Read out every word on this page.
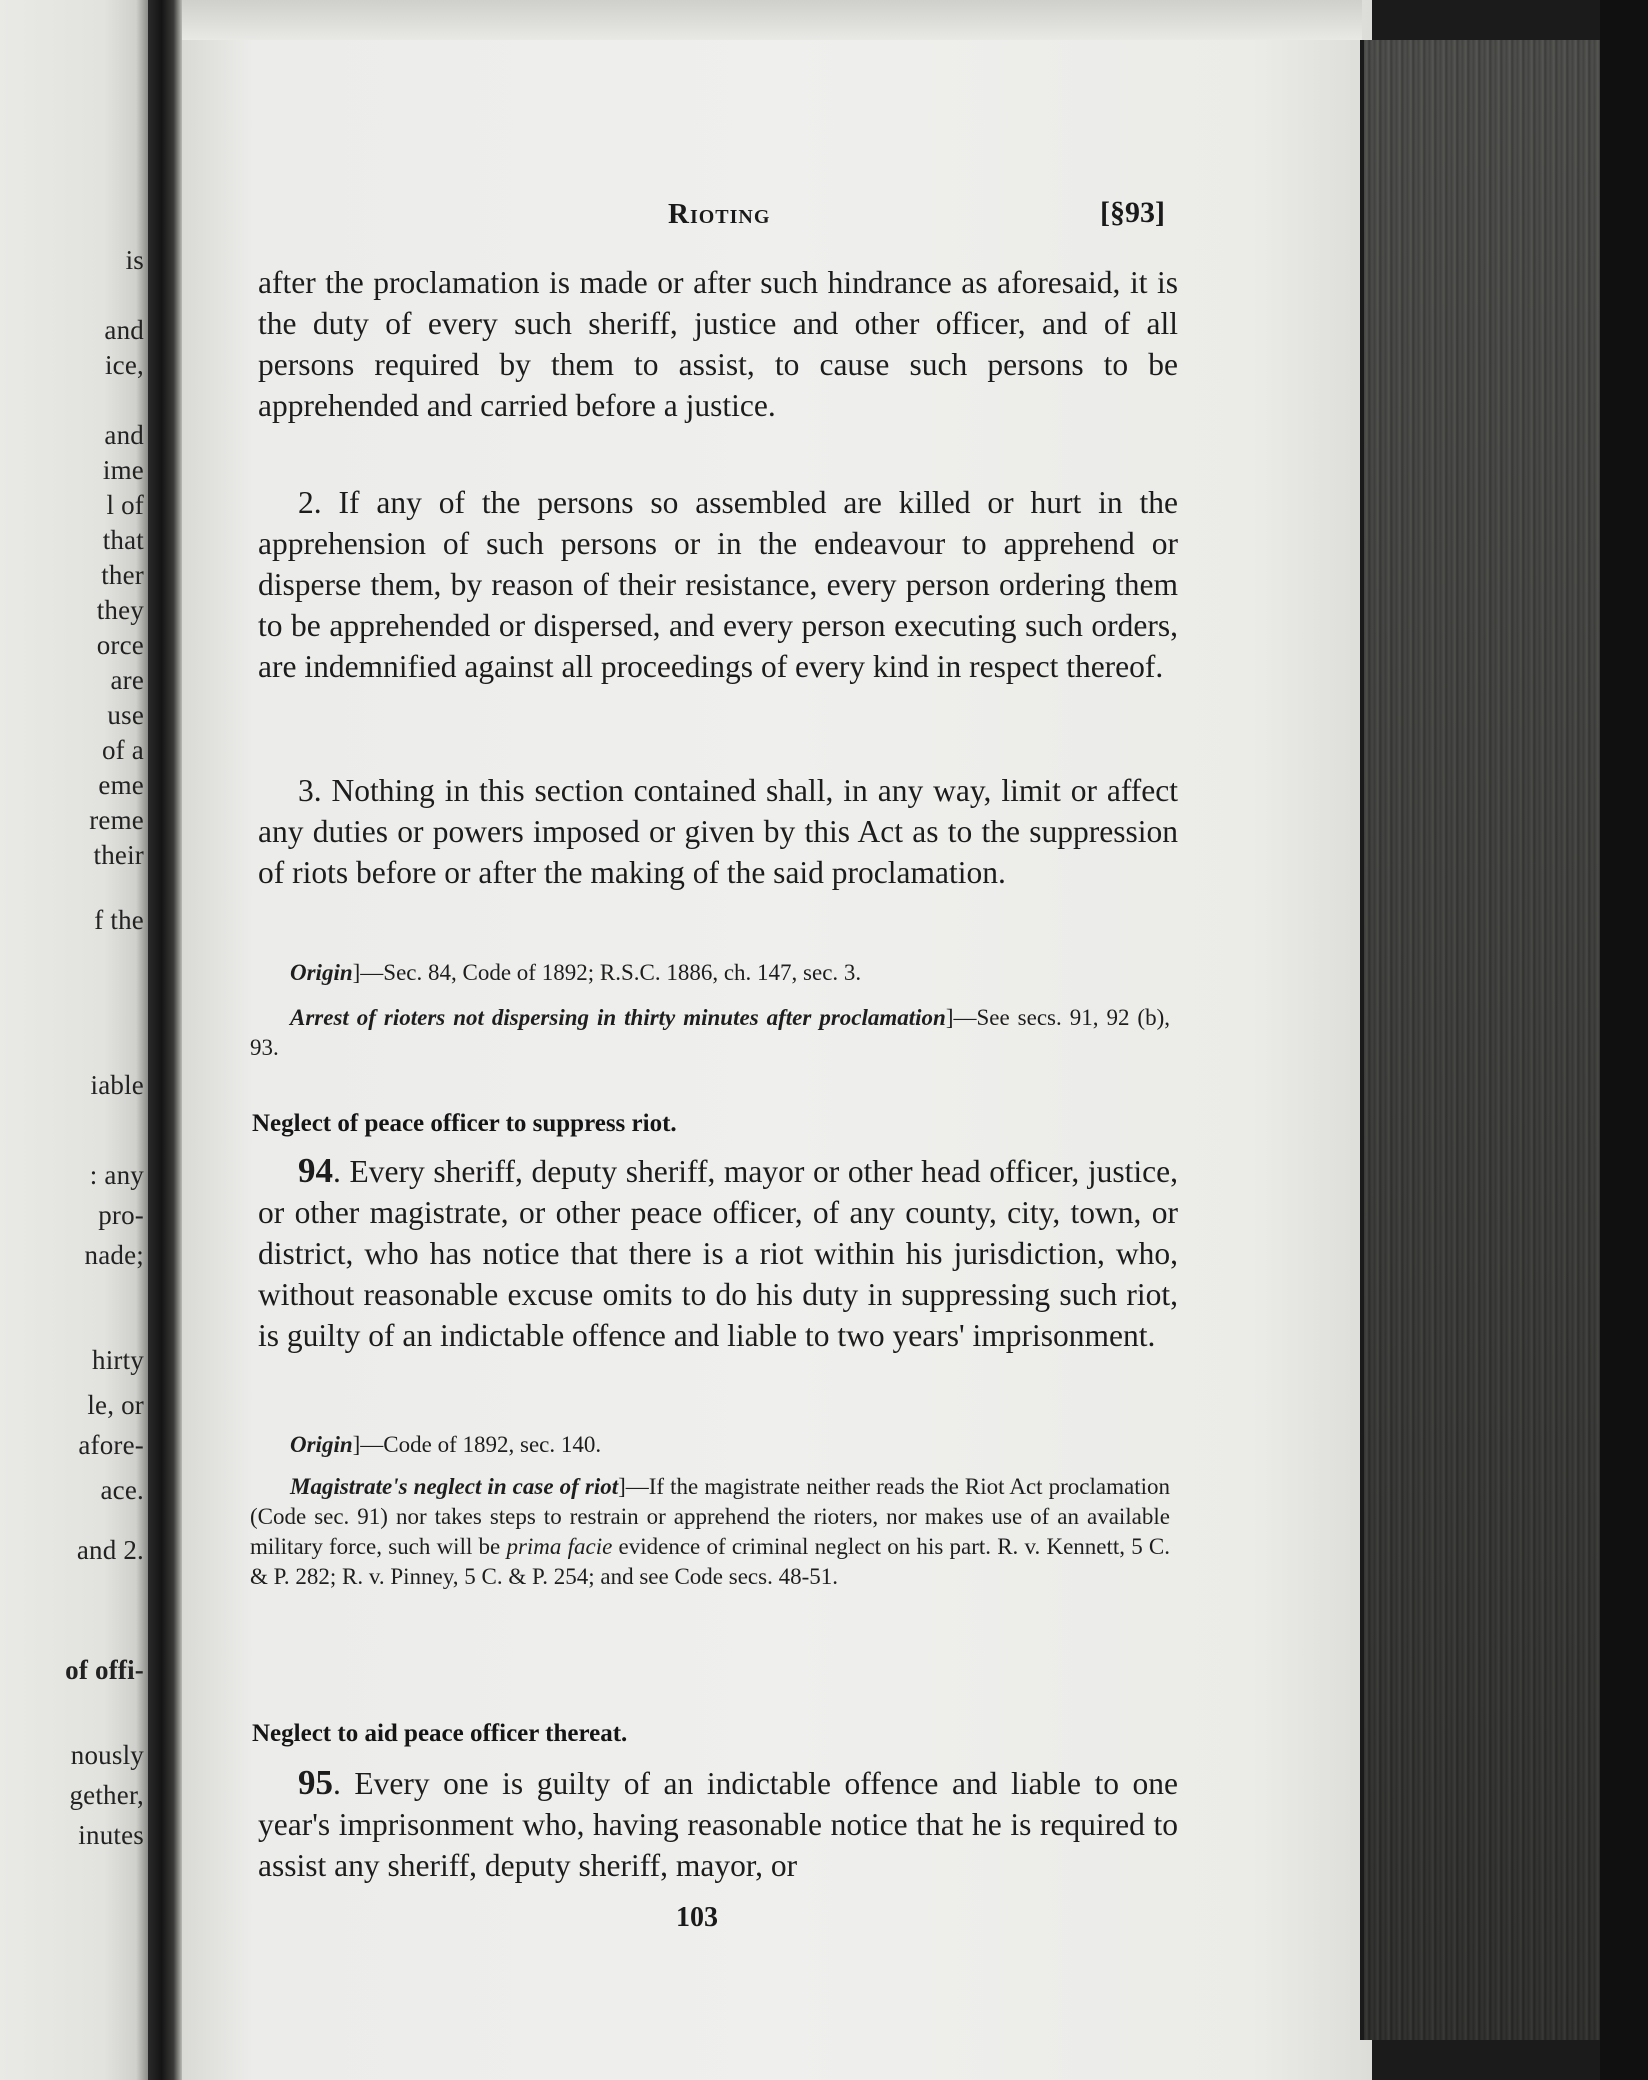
is
and
ice,
and
ime
l of
that
ther
they
orce
are
use
of a
eme
reme
their
f the
iable
: any
pro-
nade;
hirty
le, or
afore-
ace.
and 2.
of offi-
nously
gether,
inutes
Rioting	[§93]
after the proclamation is made or after such hindrance as aforesaid, it is the duty of every such sheriff, justice and other officer, and of all persons required by them to assist, to cause such persons to be apprehended and carried before a justice.
2. If any of the persons so assembled are killed or hurt in the apprehension of such persons or in the endeavour to apprehend or disperse them, by reason of their resistance, every person ordering them to be apprehended or dispersed, and every person executing such orders, are indemnified against all proceedings of every kind in respect thereof.
3. Nothing in this section contained shall, in any way, limit or affect any duties or powers imposed or given by this Act as to the suppression of riots before or after the making of the said proclamation.
Origin]—Sec. 84, Code of 1892; R.S.C. 1886, ch. 147, sec. 3.
Arrest of rioters not dispersing in thirty minutes after proclamation]—See secs. 91, 92 (b), 93.
Neglect of peace officer to suppress riot.
94. Every sheriff, deputy sheriff, mayor or other head officer, justice, or other magistrate, or other peace officer, of any county, city, town, or district, who has notice that there is a riot within his jurisdiction, who, without reasonable excuse omits to do his duty in suppressing such riot, is guilty of an indictable offence and liable to two years' imprisonment.
Origin]—Code of 1892, sec. 140.
Magistrate's neglect in case of riot]—If the magistrate neither reads the Riot Act proclamation (Code sec. 91) nor takes steps to restrain or apprehend the rioters, nor makes use of an available military force, such will be prima facie evidence of criminal neglect on his part. R. v. Kennett, 5 C. & P. 282; R. v. Pinney, 5 C. & P. 254; and see Code secs. 48-51.
Neglect to aid peace officer thereat.
95. Every one is guilty of an indictable offence and liable to one year's imprisonment who, having reasonable notice that he is required to assist any sheriff, deputy sheriff, mayor, or
103
